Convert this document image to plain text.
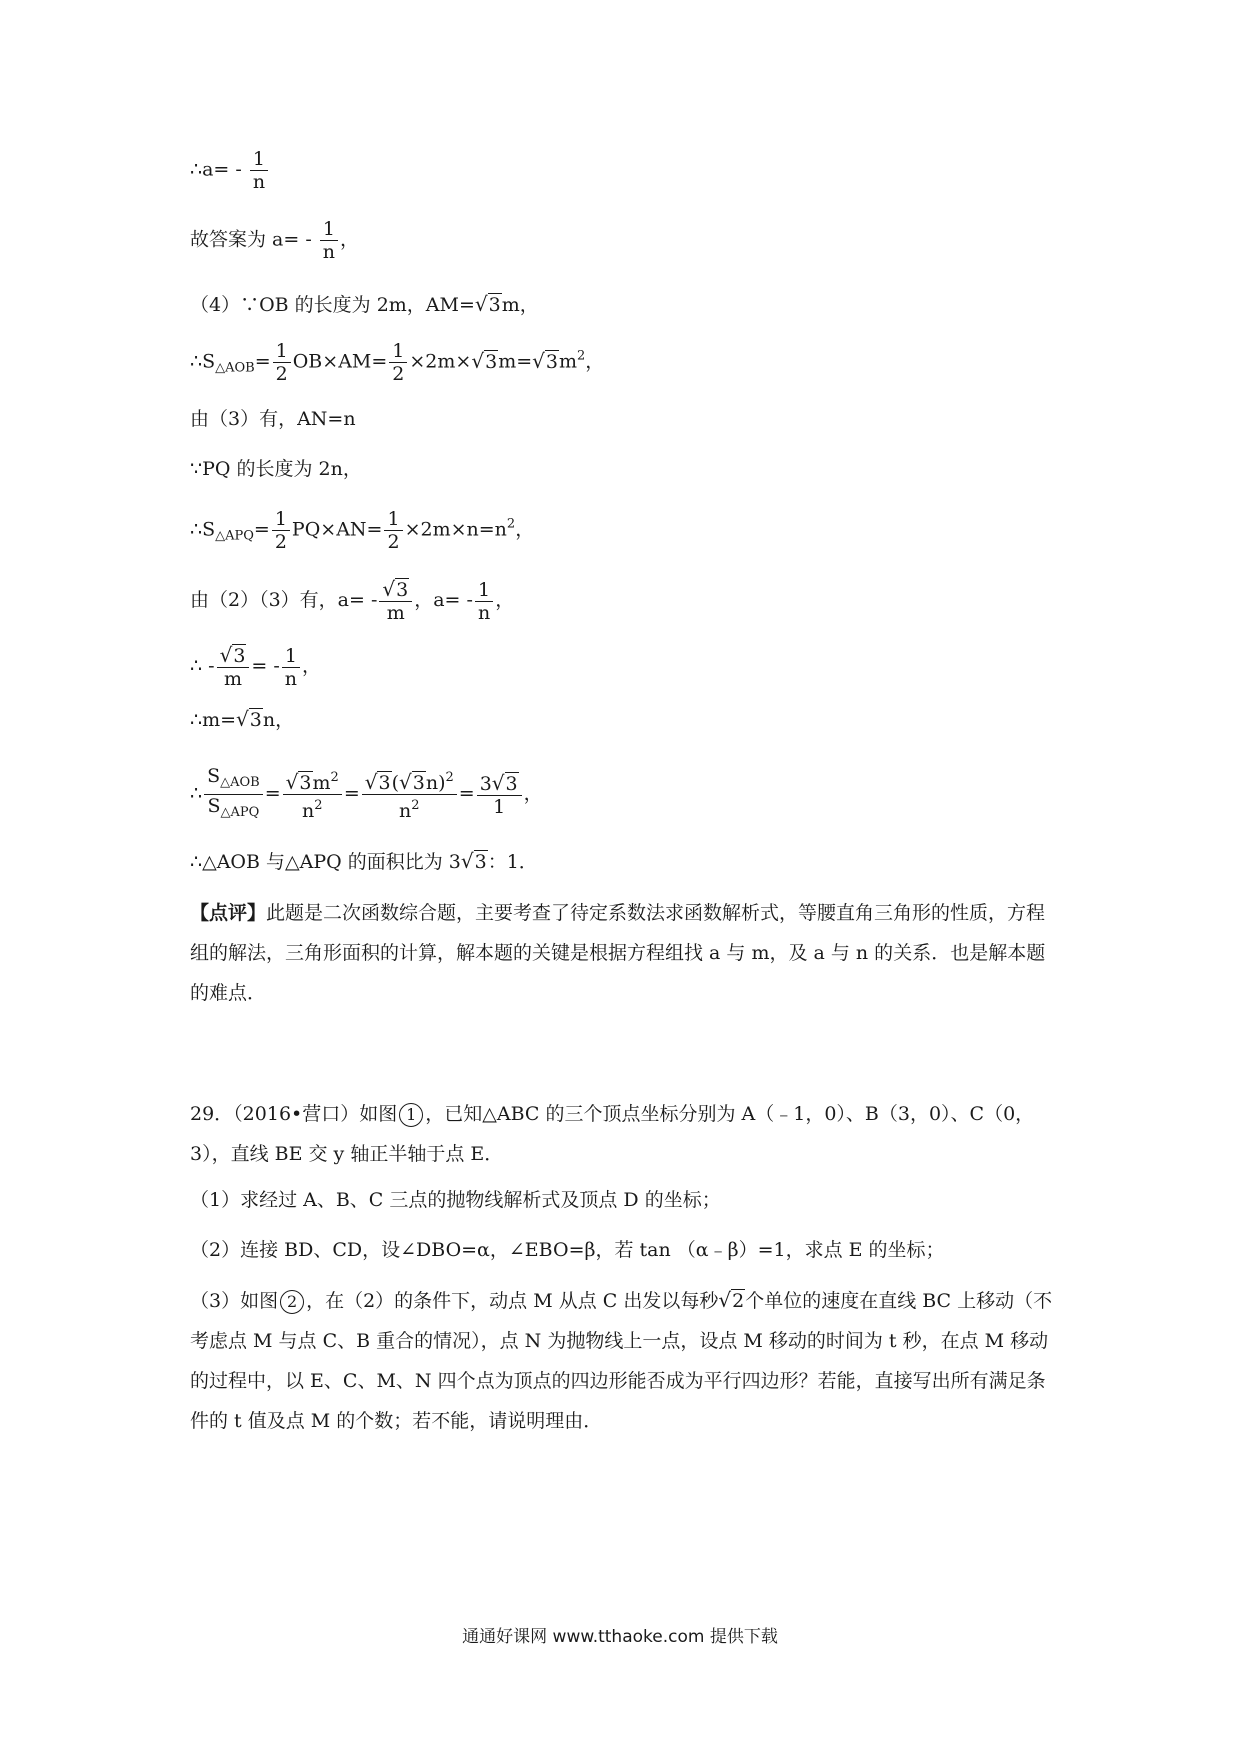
∴a= - $\frac{1}{n}$
故答案为 $a= - \frac{1}{n}$ ，
（4）∵OB 的长度为 2m，AM=√3m，
$\therefore S_{\triangle AOB}= \frac{1}{2} OB\times AM= \frac{1}{2} \times 2m\times√3m=√3m^2$，
由（3）有，AN=n
∵PQ 的长度为 2n，
$\therefore S_{\triangle APQ}= \frac{1}{2} PQ\times AN= \frac{1}{2} \times 2m\times n=n^2$，
由（2）（3）有，$a= - \frac{√3}{m}$ ，$a= - \frac{1}{n}$ ，
∴ - $\frac{√3}{m}$ = - $\frac{1}{n}$ ，
∴m=√3n，
∴ $\frac{S_{\triangle AOB}}{S_{\triangle APQ}} = \frac{√3m^2}{n^2} = \frac{√3(√3n)^2}{n^2} = \frac{3√3}{1}$ ，
∴△AOB 与△APQ 的面积比为 3√3：1．
【点评】此题是二次函数综合题，主要考查了待定系数法求函数解析式，等腰直角三角形的性质，方程组的解法，三角形面积的计算，解本题的关键是根据方程组找 a 与 m，及 a 与 n 的关系．也是解本题的难点．
29．（2016•营口）如图 1 ，已知△ABC 的三个顶点坐标分别为 A（﹣1，0）、B（3，0）、C（0，3），直线 BE 交 y 轴正半轴于点 E．
（1）求经过 A、B、C 三点的抛物线解析式及顶点 D 的坐标；
（2）连接 BD、CD，设∠DBO=α，∠EBO=β，若 tan （α﹣β）=1，求点 E 的坐标；
（3）如图 2 ，在（2）的条件下，动点 M 从点 C 出发以每秒√2个单位的速度在直线 BC 上移动（不考虑点 M 与点 C、B 重合的情况），点 N 为抛物线上一点，设点 M 移动的时间为 t 秒，在点 M 移动的过程中，以 E、C、M、N 四个点为顶点的四边形能否成为平行四边形？若能，直接写出所有满足条件的 t 值及点 M 的个数；若不能，请说明理由．
通通好课网 www.tthaoke.com 提供下载
